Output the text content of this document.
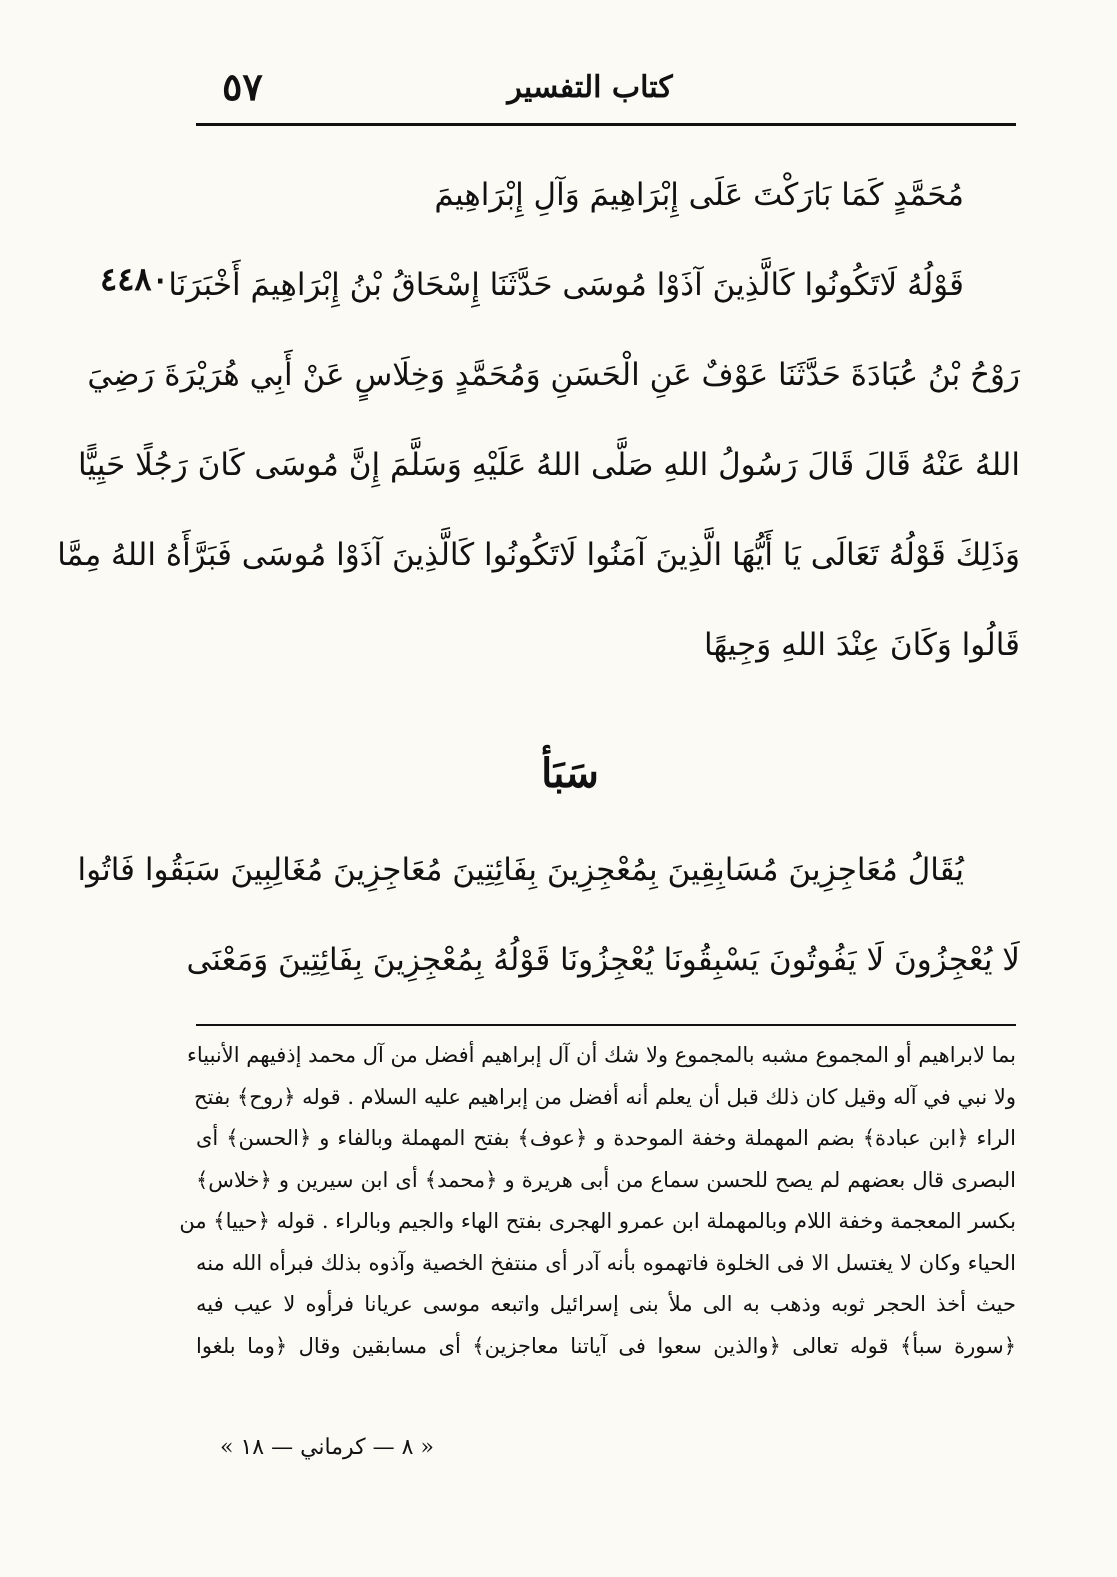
٥٧	كتاب التفسير
٤٤٨٠
مُحَمَّدٍ كَمَا بَارَكْتَ عَلَى إِبْرَاهِيمَ وَآلِ إِبْرَاهِيمَ
قَوْلُهُ لَاتَكُونُوا كَالَّذِينَ آذَوْا مُوسَى حَدَّثَنَا إِسْحَاقُ بْنُ إِبْرَاهِيمَ أَخْبَرَنَا
رَوْحُ بْنُ عُبَادَةَ حَدَّثَنَا عَوْفٌ عَنِ الْحَسَنِ وَمُحَمَّدٍ وَخِلَاسٍ عَنْ أَبِي هُرَيْرَةَ رَضِيَ
اللهُ عَنْهُ قَالَ قَالَ رَسُولُ اللهِ صَلَّى اللهُ عَلَيْهِ وَسَلَّمَ إِنَّ مُوسَى كَانَ رَجُلًا حَيِيًّا
وَذَلِكَ قَوْلُهُ تَعَالَى يَا أَيُّهَا الَّذِينَ آمَنُوا لَاتَكُونُوا كَالَّذِينَ آذَوْا مُوسَى فَبَرَّأَهُ اللهُ مِمَّا
قَالُوا وَكَانَ عِنْدَ اللهِ وَجِيهًا
سَبَأ
يُقَالُ مُعَاجِزِينَ مُسَابِقِينَ بِمُعْجِزِينَ بِفَائِتِينَ مُعَاجِزِينَ مُغَالِبِينَ سَبَقُوا فَاتُوا
لَا يُعْجِزُونَ لَا يَفُوتُونَ يَسْبِقُونَا يُعْجِزُونَا قَوْلُهُ بِمُعْجِزِينَ بِفَائِتِينَ وَمَعْنَى
بما لابراهيم أو المجموع مشبه بالمجموع ولا شك أن آل إبراهيم أفضل من آل محمد إذفيهم الأنبياء
ولا نبي في آله وقيل كان ذلك قبل أن يعلم أنه أفضل من إبراهيم عليه السلام . قوله ﴿روح﴾ بفتح
الراء ﴿ابن عبادة﴾ بضم المهملة وخفة الموحدة و ﴿عوف﴾ بفتح المهملة وبالفاء و ﴿الحسن﴾ أى
البصرى قال بعضهم لم يصح للحسن سماع من أبى هريرة و ﴿محمد﴾ أى ابن سيرين و ﴿خلاس﴾
بكسر المعجمة وخفة اللام وبالمهملة ابن عمرو الهجرى بفتح الهاء والجيم وبالراء . قوله ﴿حييا﴾ من
الحياء وكان لا يغتسل الا فى الخلوة فاتهموه بأنه آدر أى منتفخ الخصية وآذوه بذلك فبرأه الله منه
حيث أخذ الحجر ثوبه وذهب به الى ملأ بنى إسرائيل واتبعه موسى عريانا فرأوه لا عيب فيه
﴿سورة سبأ﴾ قوله تعالى ﴿والذين سعوا فى آياتنا معاجزين﴾ أى مسابقين وقال ﴿وما بلغوا
« ٨ — كرماني — ١٨ »
